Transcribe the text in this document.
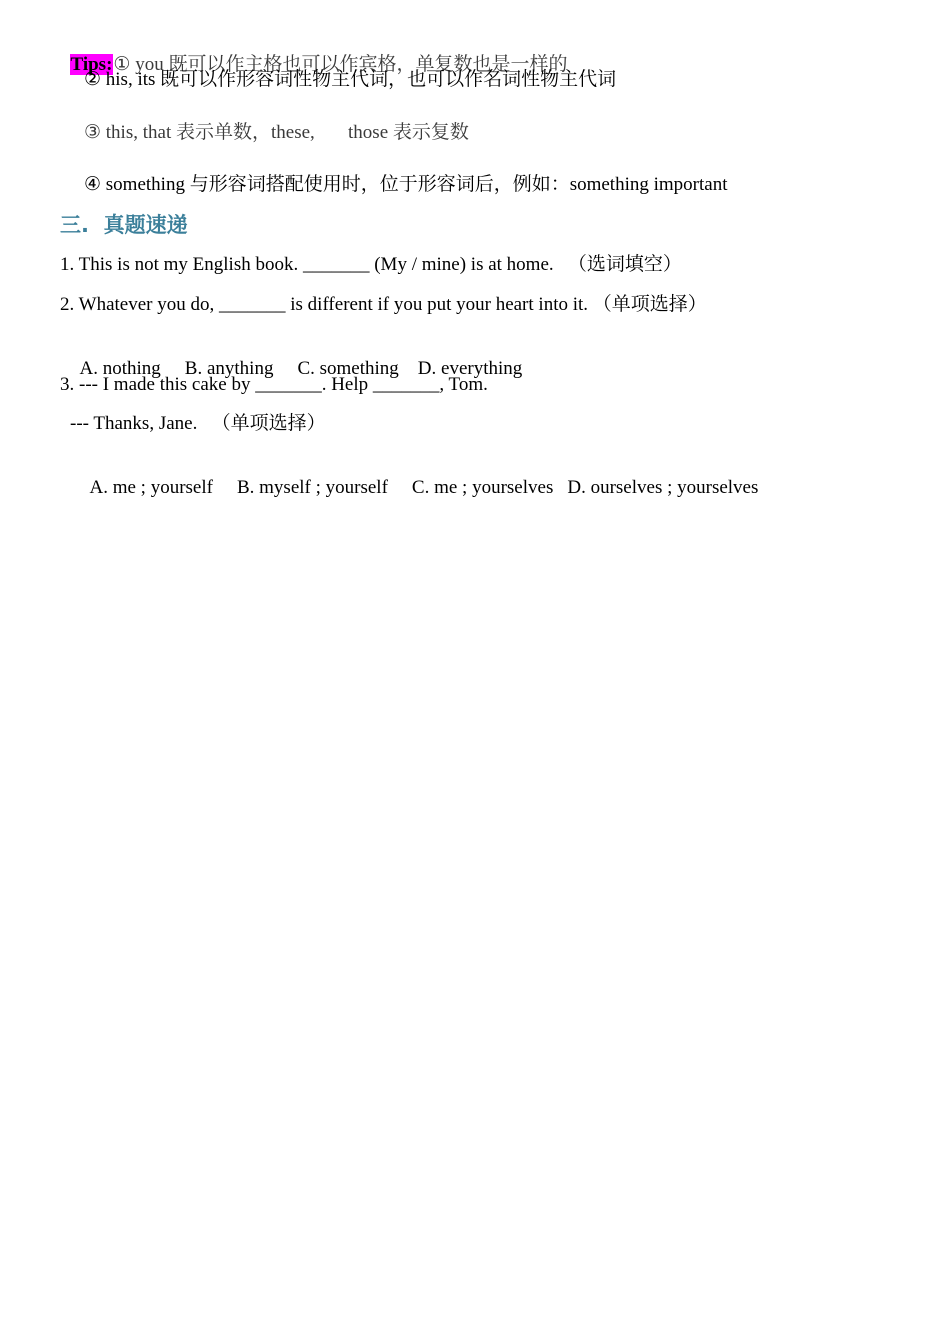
Tips:① you 既可以作主格也可以作宾格，单复数也是一样的

② his, its 既可以作形容词性物主代词，也可以作名词性物主代词
③ this, that 表示单数，these,       those 表示复数
④ something 与形容词搭配使用时，位于形容词后，例如：something important
三.  真题速递
1. This is not my English book. _______ (My / mine) is at home.   （选词填空）
2. Whatever you do, _______ is different if you put your heart into it. （单项选择）

A. nothing B. anything C. something D. everything

3. --- I made this cake by _______. Help _______, Tom.
--- Thanks, Jane.   （单项选择）

A. me ; yourself B. myself ; yourself C. me ; yourselves D. ourselves ; yourselves
